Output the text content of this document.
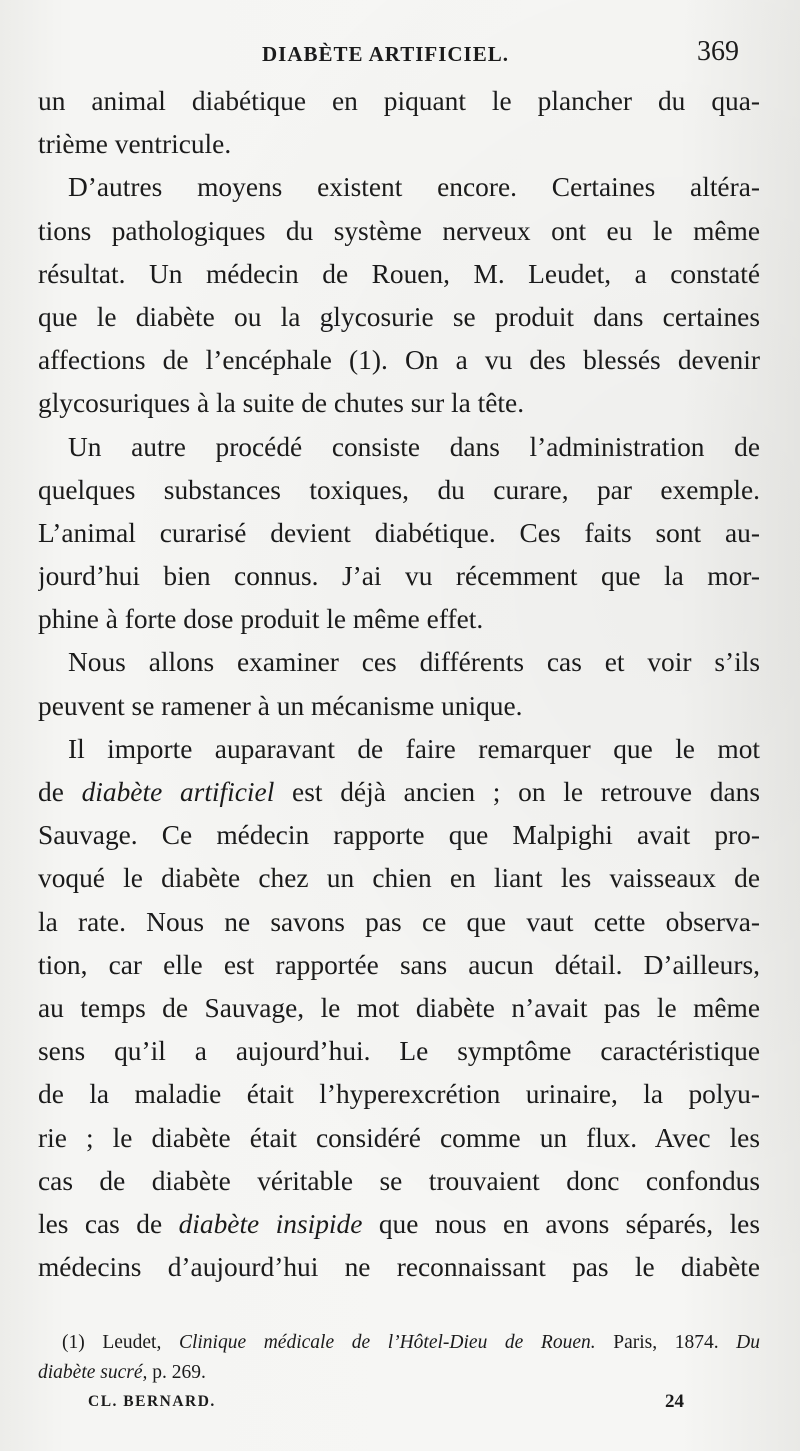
DIABÈTE ARTIFICIEL.	369
un animal diabétique en piquant le plancher du qua-
trième ventricule.
D’autres moyens existent encore. Certaines altéra-
tions pathologiques du système nerveux ont eu le même
résultat. Un médecin de Rouen, M. Leudet, a constaté
que le diabète ou la glycosurie se produit dans certaines
affections de l’encéphale (1). On a vu des blessés devenir
glycosuriques à la suite de chutes sur la tête.
Un autre procédé consiste dans l’administration de
quelques substances toxiques, du curare, par exemple.
L’animal curarisé devient diabétique. Ces faits sont au-
jourd’hui bien connus. J’ai vu récemment que la mor-
phine à forte dose produit le même effet.
Nous allons examiner ces différents cas et voir s’ils
peuvent se ramener à un mécanisme unique.
Il importe auparavant de faire remarquer que le mot
de diabète artificiel est déjà ancien ; on le retrouve dans
Sauvage. Ce médecin rapporte que Malpighi avait pro-
voqué le diabète chez un chien en liant les vaisseaux de
la rate. Nous ne savons pas ce que vaut cette observa-
tion, car elle est rapportée sans aucun détail. D’ailleurs,
au temps de Sauvage, le mot diabète n’avait pas le même
sens qu’il a aujourd’hui. Le symptôme caractéristique
de la maladie était l’hyperexcrétion urinaire, la polyu-
rie ; le diabète était considéré comme un flux. Avec les
cas de diabète véritable se trouvaient donc confondus
les cas de diabète insipide que nous en avons séparés, les
médecins d’aujourd’hui ne reconnaissant pas le diabète
(1) Leudet, Clinique médicale de l’Hôtel-Dieu de Rouen. Paris, 1874. Du
diabète sucré, p. 269.
CL. BERNARD.	24
